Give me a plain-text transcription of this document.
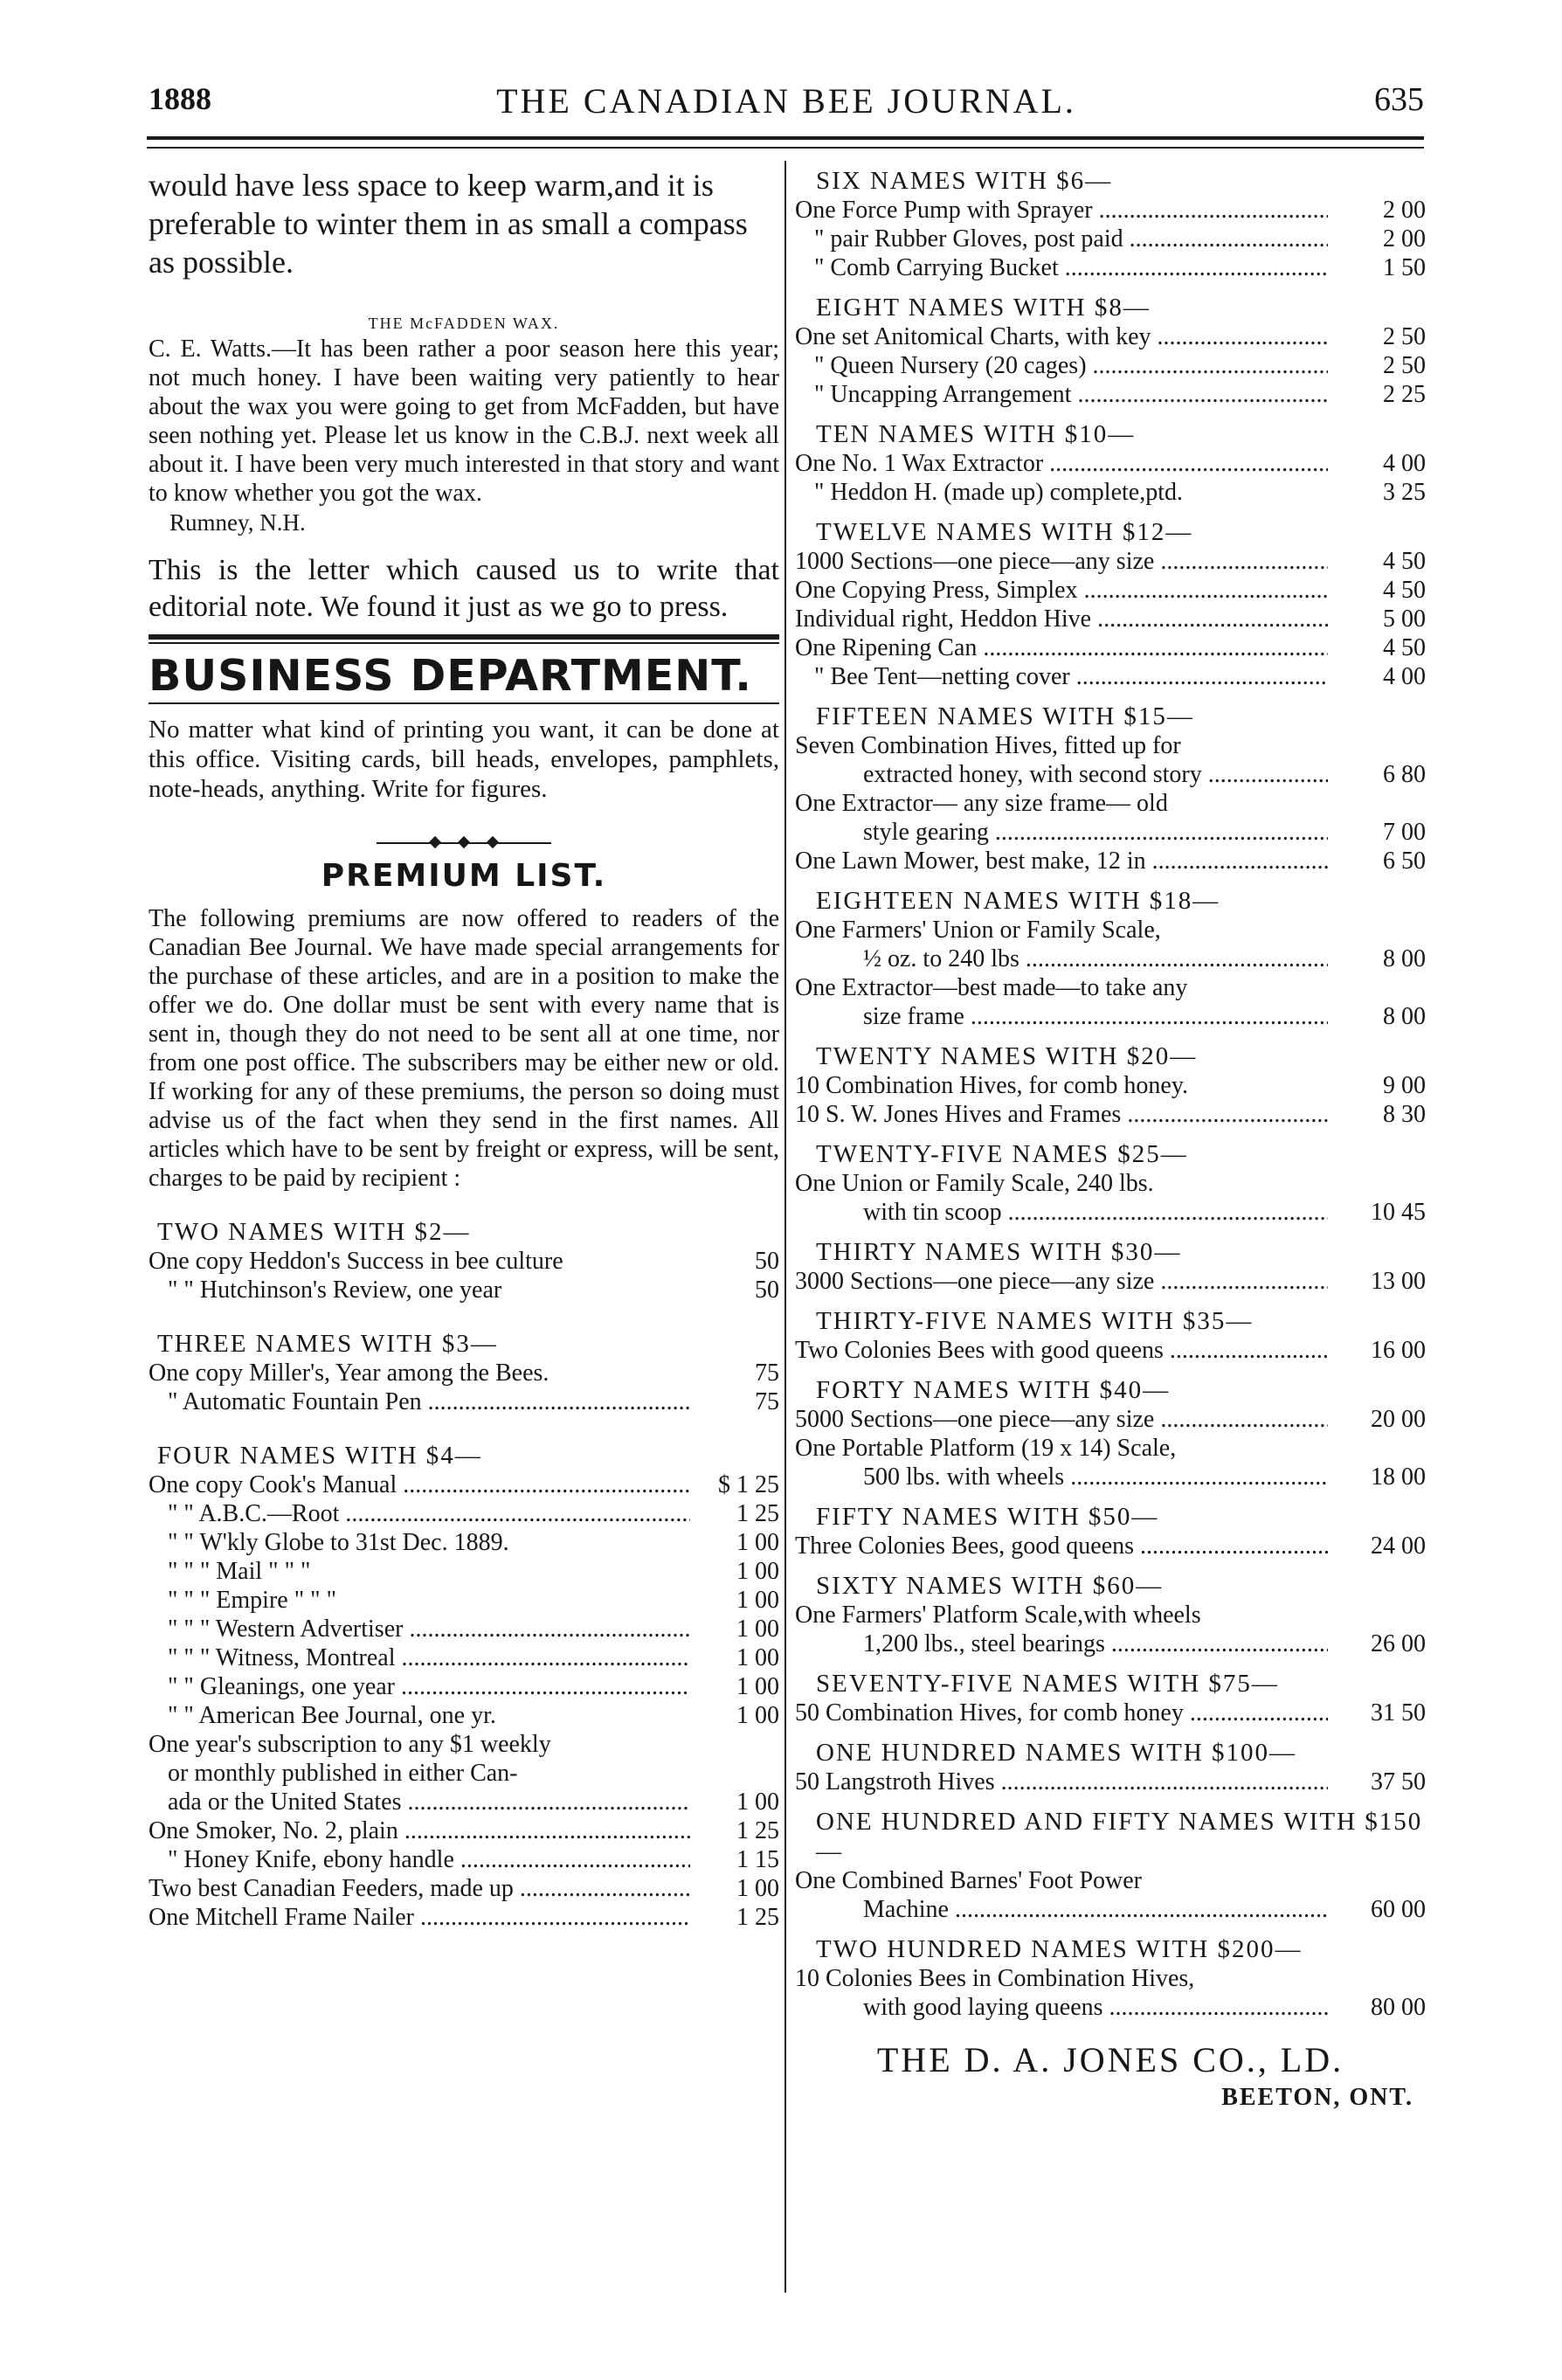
1888	THE CANADIAN BEE JOURNAL.	635
would have less space to keep warm,and it is preferable to winter them in as small a compass as possible.
THE McFADDEN WAX.
C. E. Watts.—It has been rather a poor season here this year; not much honey. I have been waiting very patiently to hear about the wax you were going to get from McFadden, but have seen nothing yet. Please let us know in the C.B.J. next week all about it. I have been very much interested in that story and want to know whether you got the wax.
Rumney, N.H.
This is the letter which caused us to write that editorial note. We found it just as we go to press.
BUSINESS DEPARTMENT.
No matter what kind of printing you want, it can be done at this office. Visiting cards, bill heads, envelopes, pamphlets, note-heads, anything. Write for figures.
PREMIUM LIST.
The following premiums are now offered to readers of the Canadian Bee Journal. We have made special arrangements for the purchase of these articles, and are in a position to make the offer we do. One dollar must be sent with every name that is sent in, though they do not need to be sent all at one time, nor from one post office. The subscribers may be either new or old. If working for any of these premiums, the person so doing must advise us of the fact when they send in the first names. All articles which have to be sent by freight or express, will be sent, charges to be paid by recipient :
TWO NAMES WITH $2—
One copy Heddon's Success in bee culture	50
" " Hutchinson's Review, one year	50
THREE NAMES WITH $3—
One copy Miller's, Year among the Bees.	75
" Automatic Fountain Pen .....	75
FOUR NAMES WITH $4—
One copy Cook's Manual .....	$ 1 25
" " A.B.C.—Root .....	1 25
" " W'kly Globe to 31st Dec. 1889.	1 00
" " " Mail " " "	1 00
" " " Empire " " "	1 00
" " " Western Advertiser .....	1 00
" " " Witness, Montreal .....	1 00
" " Gleanings, one year .....	1 00
" " American Bee Journal, one yr.	1 00
One year's subscription to any $1 weekly
or monthly published in either Can-
ada or the United States .....	1 00
One Smoker, No. 2, plain .....	1 25
" Honey Knife, ebony handle .....	1 15
Two best Canadian Feeders, made up .....	1 00
One Mitchell Frame Nailer .....	1 25
SIX NAMES WITH $6—
One Force Pump with Sprayer .....	2 00
" pair Rubber Gloves, post paid .....	2 00
" Comb Carrying Bucket .....	1 50
EIGHT NAMES WITH $8—
One set Anitomical Charts, with key .....	2 50
" Queen Nursery (20 cages) .....	2 50
" Uncapping Arrangement .....	2 25
TEN NAMES WITH $10—
One No. 1 Wax Extractor .....	4 00
" Heddon H. (made up) complete,ptd.	3 25
TWELVE NAMES WITH $12—
1000 Sections—one piece—any size .....	4 50
One Copying Press, Simplex .....	4 50
Individual right, Heddon Hive .....	5 00
One Ripening Can .....	4 50
" Bee Tent—netting cover .....	4 00
FIFTEEN NAMES WITH $15—
Seven Combination Hives, fitted up for
extracted honey, with second story .....	6 80
One Extractor— any size frame— old
style gearing .....	7 00
One Lawn Mower, best make, 12 in .....	6 50
EIGHTEEN NAMES WITH $18—
One Farmers' Union or Family Scale,
½ oz. to 240 lbs .....	8 00
One Extractor—best made—to take any
size frame .....	8 00
TWENTY NAMES WITH $20—
10 Combination Hives, for comb honey.	9 00
10 S. W. Jones Hives and Frames .....	8 30
TWENTY-FIVE NAMES $25—
One Union or Family Scale, 240 lbs.
with tin scoop .....	10 45
THIRTY NAMES WITH $30—
3000 Sections—one piece—any size .....	13 00
THIRTY-FIVE NAMES WITH $35—
Two Colonies Bees with good queens .....	16 00
FORTY NAMES WITH $40—
5000 Sections—one piece—any size .....	20 00
One Portable Platform (19 x 14) Scale,
500 lbs. with wheels .....	18 00
FIFTY NAMES WITH $50—
Three Colonies Bees, good queens .....	24 00
SIXTY NAMES WITH $60—
One Farmers' Platform Scale,with wheels
1,200 lbs., steel bearings .....	26 00
SEVENTY-FIVE NAMES WITH $75—
50 Combination Hives, for comb honey .....	31 50
ONE HUNDRED NAMES WITH $100—
50 Langstroth Hives .....	37 50
ONE HUNDRED AND FIFTY NAMES WITH $150—
One Combined Barnes' Foot Power
Machine .....	60 00
TWO HUNDRED NAMES WITH $200—
10 Colonies Bees in Combination Hives,
with good laying queens .....	80 00
THE D. A. JONES CO., LD.
BEETON, ONT.
